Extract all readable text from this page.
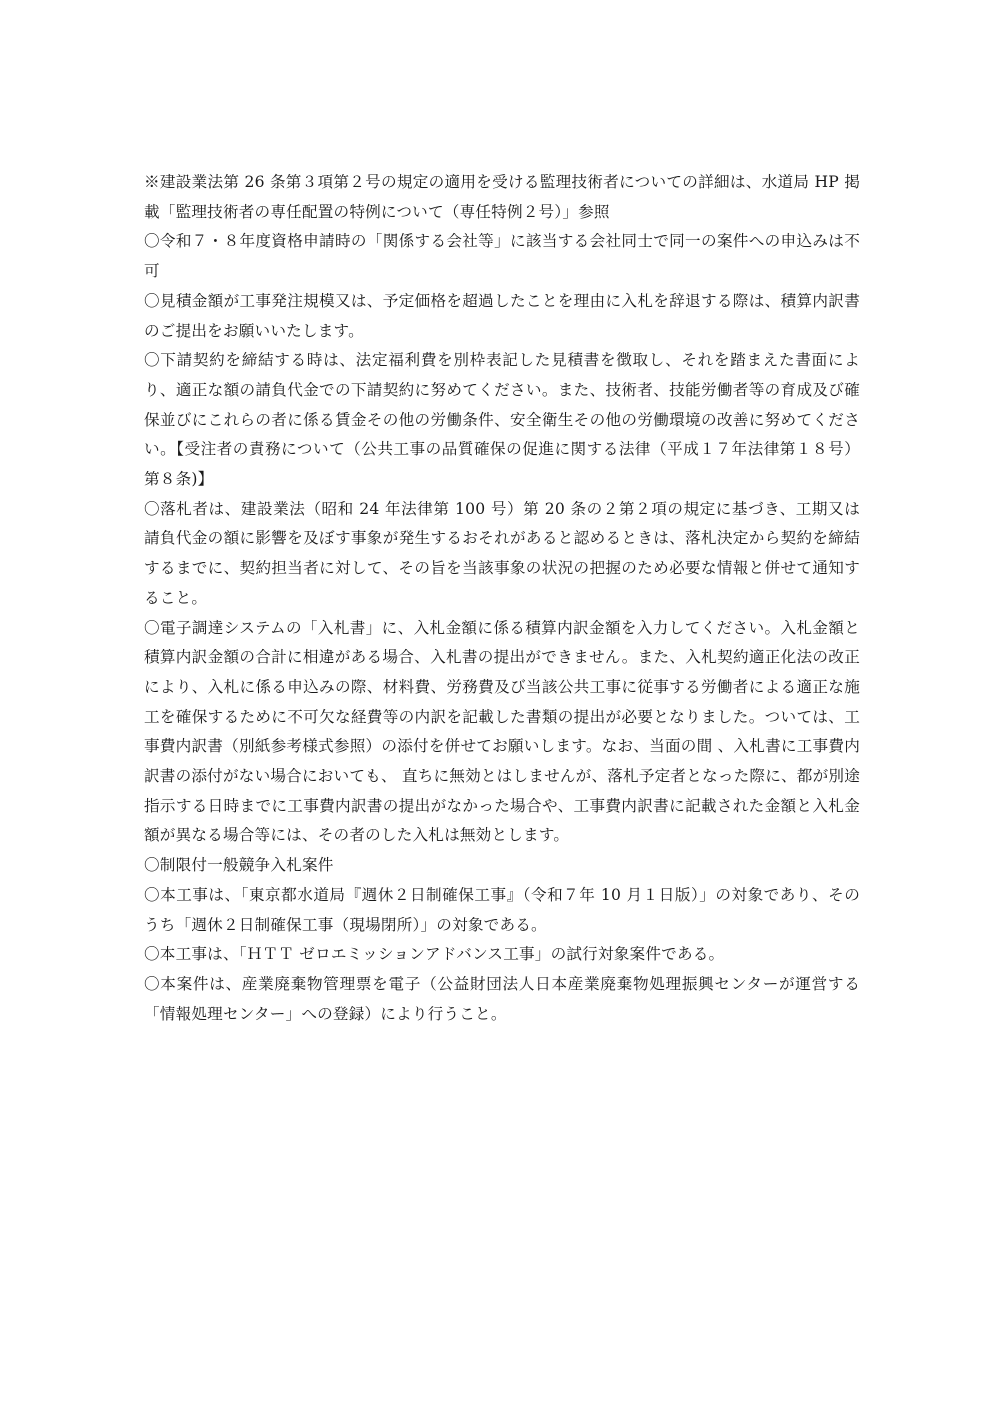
※建設業法第 26 条第３項第２号の規定の適用を受ける監理技術者についての詳細は、水道局 HP 掲載「監理技術者の専任配置の特例について（専任特例２号）」参照

〇令和７・８年度資格申請時の「関係する会社等」に該当する会社同士で同一の案件への申込みは不可

〇見積金額が工事発注規模又は、予定価格を超過したことを理由に入札を辞退する際は、積算内訳書のご提出をお願いいたします。

〇下請契約を締結する時は、法定福利費を別枠表記した見積書を徴取し、それを踏まえた書面により、適正な額の請負代金での下請契約に努めてください。また、技術者、技能労働者等の育成及び確保並びにこれらの者に係る賃金その他の労働条件、安全衛生その他の労働環境の改善に努めてください。【受注者の責務について（公共工事の品質確保の促進に関する法律（平成１７年法律第１８号）第８条)】

〇落札者は、建設業法（昭和 24 年法律第 100 号）第 20 条の２第２項の規定に基づき、工期又は請負代金の額に影響を及ぼす事象が発生するおそれがあると認めるときは、落札決定から契約を締結するまでに、契約担当者に対して、その旨を当該事象の状況の把握のため必要な情報と併せて通知すること。

〇電子調達システムの「入札書」に、入札金額に係る積算内訳金額を入力してください。入札金額と積算内訳金額の合計に相違がある場合、入札書の提出ができません。また、入札契約適正化法の改正により、入札に係る申込みの際、材料費、労務費及び当該公共工事に従事する労働者による適正な施工を確保するために不可欠な経費等の内訳を記載した書類の提出が必要となりました。ついては、工事費内訳書（別紙参考様式参照）の添付を併せてお願いします。なお、当面の間 、入札書に工事費内訳書の添付がない場合においても、 直ちに無効とはしませんが、落札予定者となった際に、都が別途指示する日時までに工事費内訳書の提出がなかった場合や、工事費内訳書に記載された金額と入札金額が異なる場合等には、その者のした入札は無効とします。

〇制限付一般競争入札案件

〇本工事は、「東京都水道局『週休２日制確保工事』（令和７年 10 月１日版）」の対象であり、そのうち「週休２日制確保工事（現場閉所）」の対象である。

〇本工事は、「ＨＴＴ ゼロエミッションアドバンス工事」の試行対象案件である。

〇本案件は、産業廃棄物管理票を電子（公益財団法人日本産業廃棄物処理振興センターが運営する「情報処理センター」への登録）により行うこと。
